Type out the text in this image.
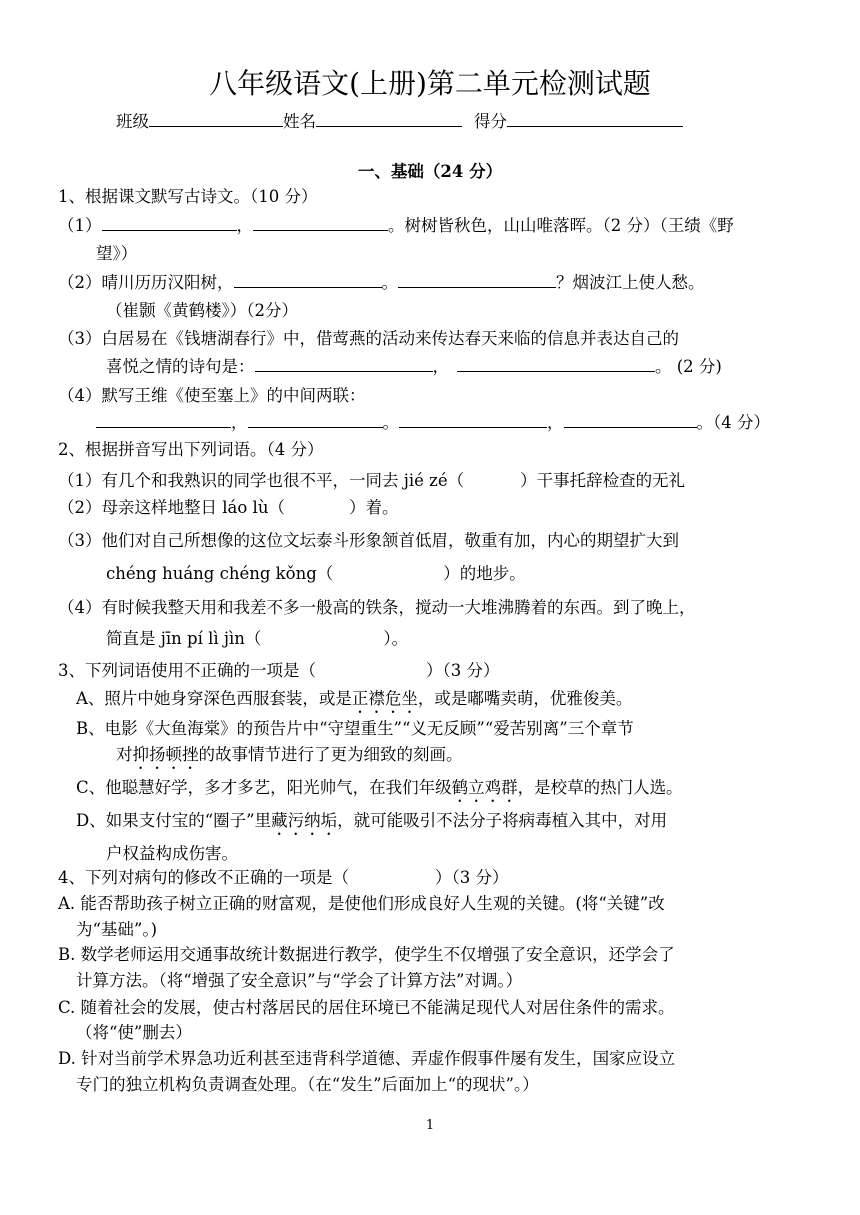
八年级语文(上册)第二单元检测试题
班级	姓名	得分
一、基础（24 分）
1、根据课文默写古诗文。（10 分）
（1）	，	。树树皆秋色，山山唯落晖。（2 分）（王绩《野
望》）
（2）晴川历历汉阳树，	。	？烟波江上使人愁。
（崔颢《黄鹤楼》）（2分）
（3）白居易在《钱塘湖春行》中，借莺燕的活动来传达春天来临的信息并表达自己的
喜悦之情的诗句是：	，	。 (2 分)
（4）默写王维《使至塞上》的中间两联：
，	。	，	。（4 分）
2、根据拼音写出下列词语。（4 分）
（1）有几个和我熟识的同学也很不平，一同去 jié zé（	）干事托辞检查的无礼
（2）母亲这样地整日 láo lù（	）着。
（3）他们对自己所想像的这位文坛泰斗形象颔首低眉，敬重有加，内心的期望扩大到
chéng huáng chéng kǒng（	）的地步。
（4）有时候我整天用和我差不多一般高的铁条，搅动一大堆沸腾着的东西。到了晚上，
简直是 jīn pí lì jìn（	）。
3、下列词语使用不正确的一项是（	）（3 分）
A、照片中她身穿深色西服套装，或是正襟危坐，或是嘟嘴卖萌，优雅俊美。
B、电影《大鱼海棠》的预告片中“守望重生”“义无反顾”“爱苦别离”三个章节
对抑扬顿挫的故事情节进行了更为细致的刻画。
C、他聪慧好学，多才多艺，阳光帅气，在我们年级鹤立鸡群，是校草的热门人选。
D、如果支付宝的“圈子”里藏污纳垢，就可能吸引不法分子将病毒植入其中，对用
户权益构成伤害。
4、下列对病句的修改不正确的一项是（	）（3 分）
A. 能否帮助孩子树立正确的财富观，是使他们形成良好人生观的关键。(将“关键”改
为“基础”。)
B. 数学老师运用交通事故统计数据进行教学，使学生不仅增强了安全意识，还学会了
计算方法。（将“增强了安全意识”与“学会了计算方法”对调。）
C. 随着社会的发展，使古村落居民的居住环境已不能满足现代人对居住条件的需求。
（将“使”删去）
D. 针对当前学术界急功近利甚至违背科学道德、弄虚作假事件屡有发生，国家应设立
专门的独立机构负责调查处理。（在“发生”后面加上“的现状”。）
1
